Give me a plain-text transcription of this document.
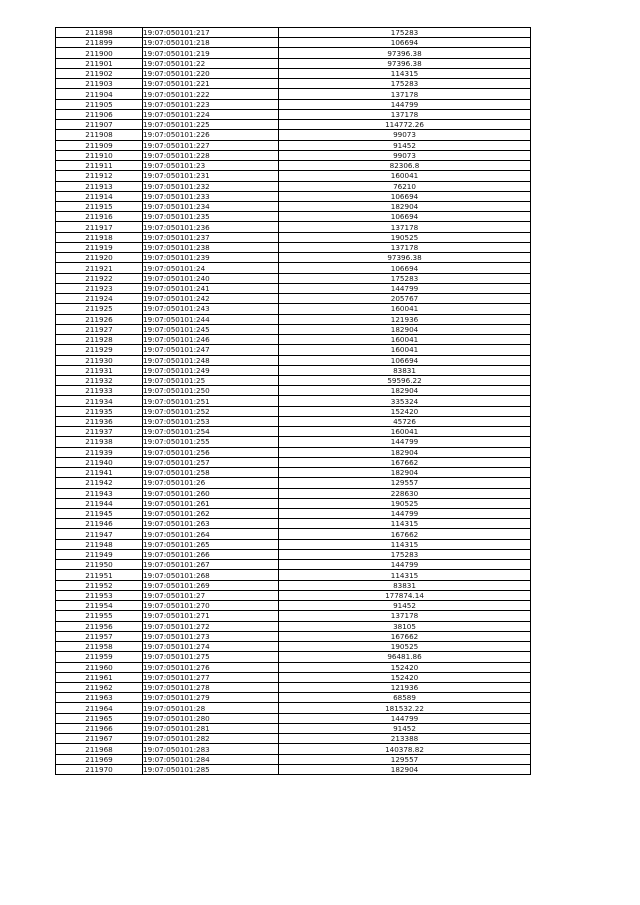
211898	19:07:050101:217	175283
211899	19:07:050101:218	106694
211900	19:07:050101:219	97396.38
211901	19:07:050101:22	97396.38
211902	19:07:050101:220	114315
211903	19:07:050101:221	175283
211904	19:07:050101:222	137178
211905	19:07:050101:223	144799
211906	19:07:050101:224	137178
211907	19:07:050101:225	114772.26
211908	19:07:050101:226	99073
211909	19:07:050101:227	91452
211910	19:07:050101:228	99073
211911	19:07:050101:23	82306.8
211912	19:07:050101:231	160041
211913	19:07:050101:232	76210
211914	19:07:050101:233	106694
211915	19:07:050101:234	182904
211916	19:07:050101:235	106694
211917	19:07:050101:236	137178
211918	19:07:050101:237	190525
211919	19:07:050101:238	137178
211920	19:07:050101:239	97396.38
211921	19:07:050101:24	106694
211922	19:07:050101:240	175283
211923	19:07:050101:241	144799
211924	19:07:050101:242	205767
211925	19:07:050101:243	160041
211926	19:07:050101:244	121936
211927	19:07:050101:245	182904
211928	19:07:050101:246	160041
211929	19:07:050101:247	160041
211930	19:07:050101:248	106694
211931	19:07:050101:249	83831
211932	19:07:050101:25	59596.22
211933	19:07:050101:250	182904
211934	19:07:050101:251	335324
211935	19:07:050101:252	152420
211936	19:07:050101:253	45726
211937	19:07:050101:254	160041
211938	19:07:050101:255	144799
211939	19:07:050101:256	182904
211940	19:07:050101:257	167662
211941	19:07:050101:258	182904
211942	19:07:050101:26	129557
211943	19:07:050101:260	228630
211944	19:07:050101:261	190525
211945	19:07:050101:262	144799
211946	19:07:050101:263	114315
211947	19:07:050101:264	167662
211948	19:07:050101:265	114315
211949	19:07:050101:266	175283
211950	19:07:050101:267	144799
211951	19:07:050101:268	114315
211952	19:07:050101:269	83831
211953	19:07:050101:27	177874.14
211954	19:07:050101:270	91452
211955	19:07:050101:271	137178
211956	19:07:050101:272	38105
211957	19:07:050101:273	167662
211958	19:07:050101:274	190525
211959	19:07:050101:275	96481.86
211960	19:07:050101:276	152420
211961	19:07:050101:277	152420
211962	19:07:050101:278	121936
211963	19:07:050101:279	68589
211964	19:07:050101:28	181532.22
211965	19:07:050101:280	144799
211966	19:07:050101:281	91452
211967	19:07:050101:282	213388
211968	19:07:050101:283	140378.82
211969	19:07:050101:284	129557
211970	19:07:050101:285	182904
